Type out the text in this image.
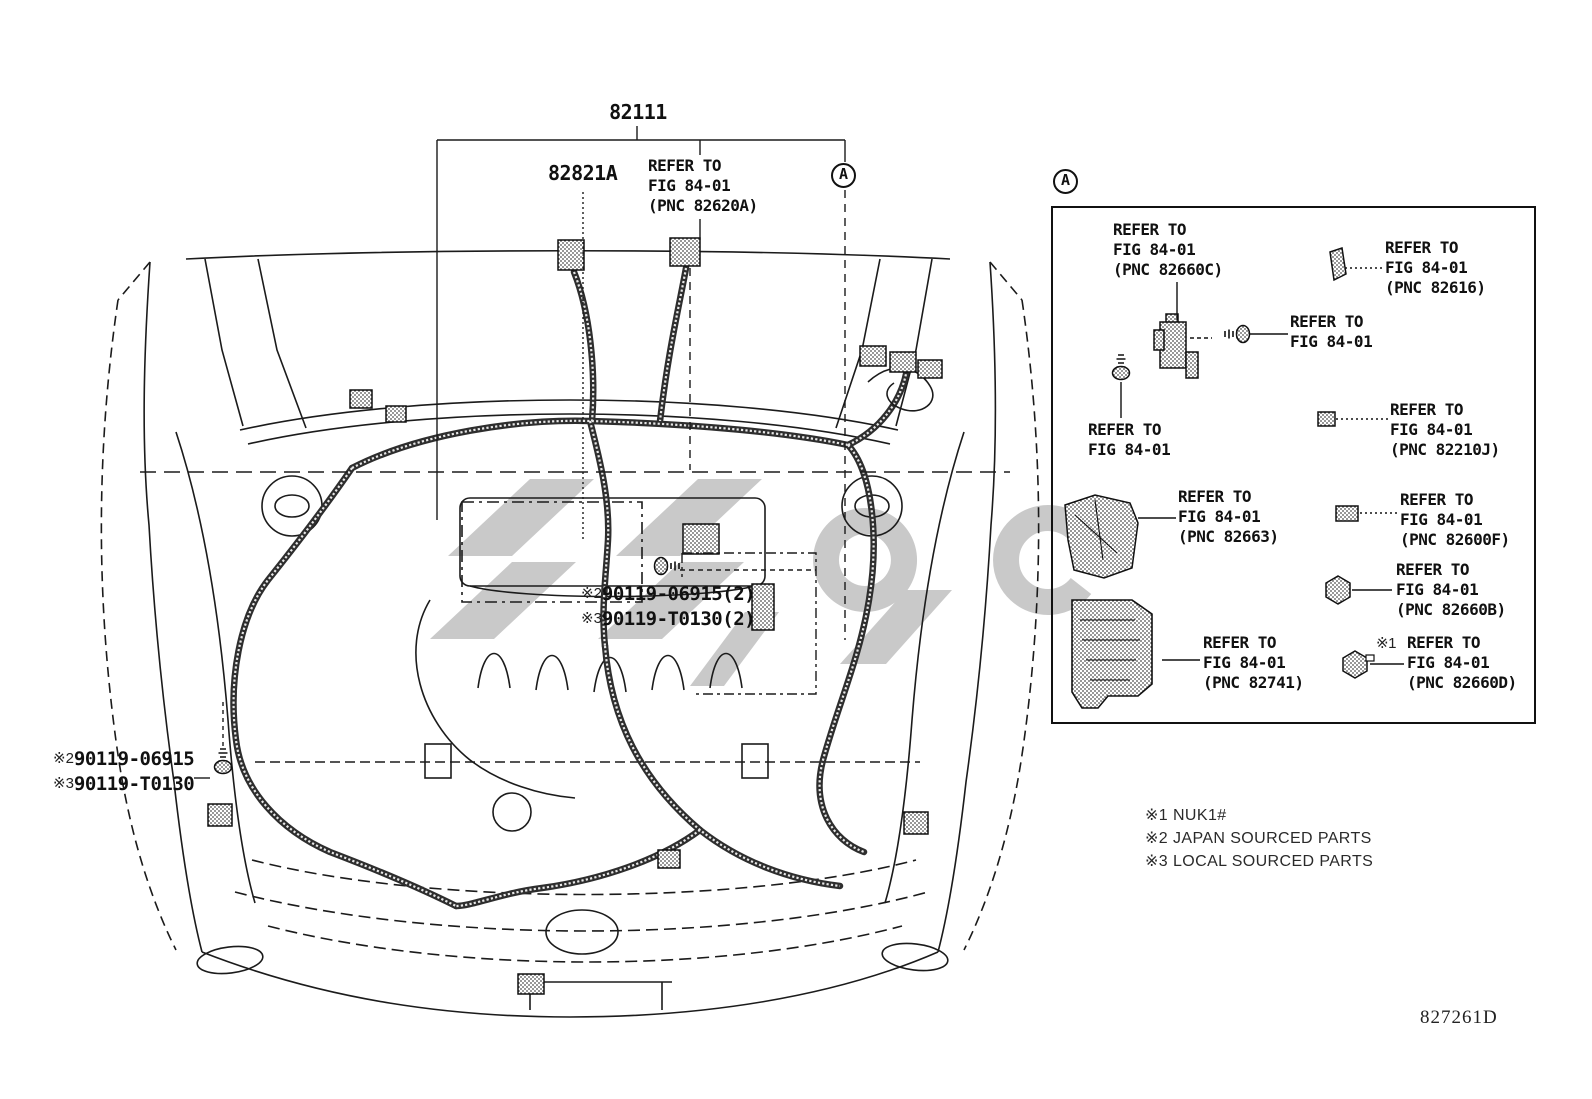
82111
82821A REFER TO
FIG 84-01
(PNC 82620A)
A	A
REFER TO
FIG 84-01
(PNC 82660C)
REFER TO
FIG 84-01
(PNC 82616)
REFER TO
FIG 84-01
REFER TO
FIG 84-01
REFER TO
FIG 84-01
(PNC 82210J)
REFER TO
FIG 84-01
(PNC 82663)
REFER TO
FIG 84-01
(PNC 82600F)
REFER TO
FIG 84-01
(PNC 82660B)
REFER TO
FIG 84-01
(PNC 82741)
※1 REFER TO
FIG 84-01
(PNC 82660D)
※290119-06915
※390119-T0130
※290119-06915(2)
※390119-T0130(2)
※1 NUK1#
※2 JAPAN SOURCED PARTS
※3 LOCAL SOURCED PARTS
827261D
